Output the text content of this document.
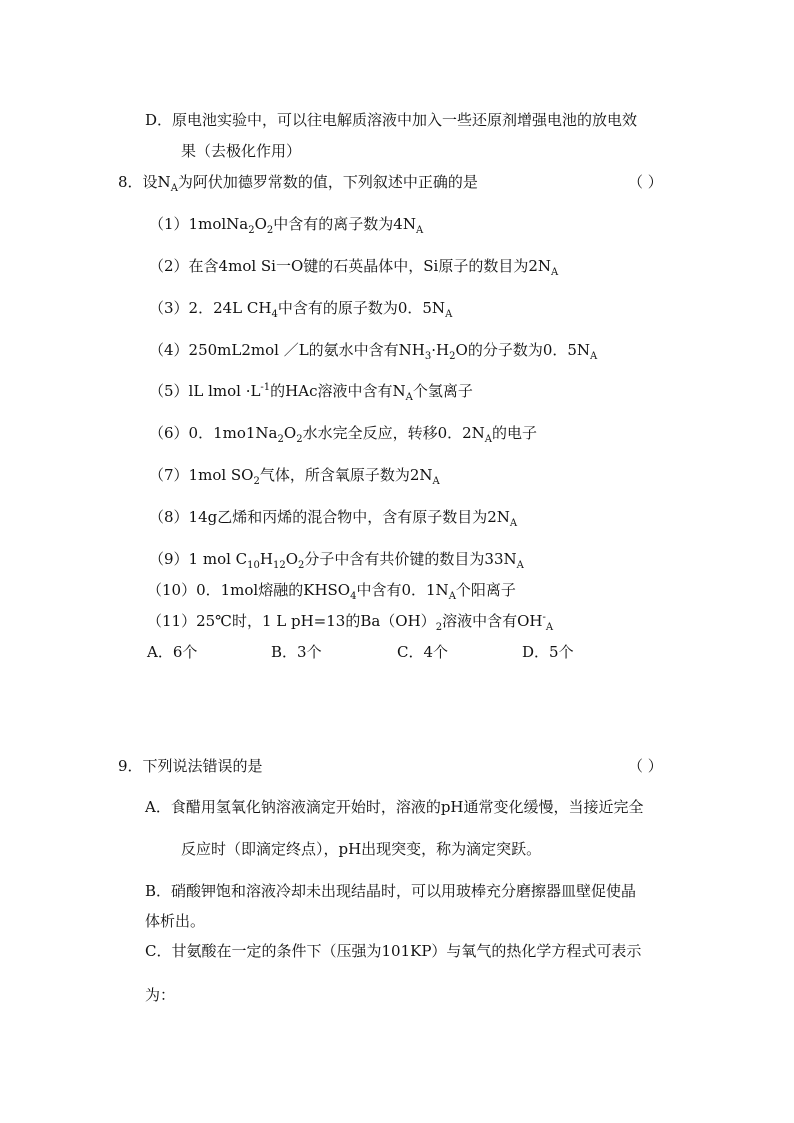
D．原电池实验中，可以往电解质溶液中加入一些还原剂增强电池的放电效
果（去极化作用）
8．设$N_A$为阿伏加德罗常数的值，下列叙述中正确的是	（ ）
$(1)1molNa_2O_2$中含有的离子数为$4N_A$
（2）在含4mol Si一O键的石英晶体中，Si原子的数目为$2N_A$
（3）2．24L $CH_4$中含有的原子数为0．$5N_A$
（4）250mL2mol ／L的氨水中含有$NH_3\cdot H_2O$的分子数为0．$5N_A$
（5）lL lmol $\cdot L^{-1}$的HAc溶液中含有$N_A$个氢离子
（6）0．$1mo1Na_2O_2$水水完全反应，转移0．$2N_A$的电子
（7）1mol $SO_2$气体，所含氧原子数为$2N_A$
（8）14g乙烯和丙烯的混合物中，含有原子数目为$2N_A$
（9）1 mol $C_{10}H_{12}O_2$分子中含有共价键的数目为$33N_A$
（10）0．1mol熔融的$KHSO_4$中含有0．$1N_A$个阳离子
（11）25℃时，1 L pH=13的$Ba(OH)_2$溶液中含有$OH^-_A$
A．6个	B．3个	C．4个	D．5个
9．下列说法错误的是	（ ）
A．食醋用氢氧化钠溶液滴定开始时，溶液的pH通常变化缓慢，当接近完全
反应时（即滴定终点），pH出现突变，称为滴定突跃。
B．硝酸钾饱和溶液冷却未出现结晶时，可以用玻棒充分磨擦器皿壁促使晶
体析出。
C．甘氨酸在一定的条件下（压强为101KP）与氧气的热化学方程式可表示
为：
